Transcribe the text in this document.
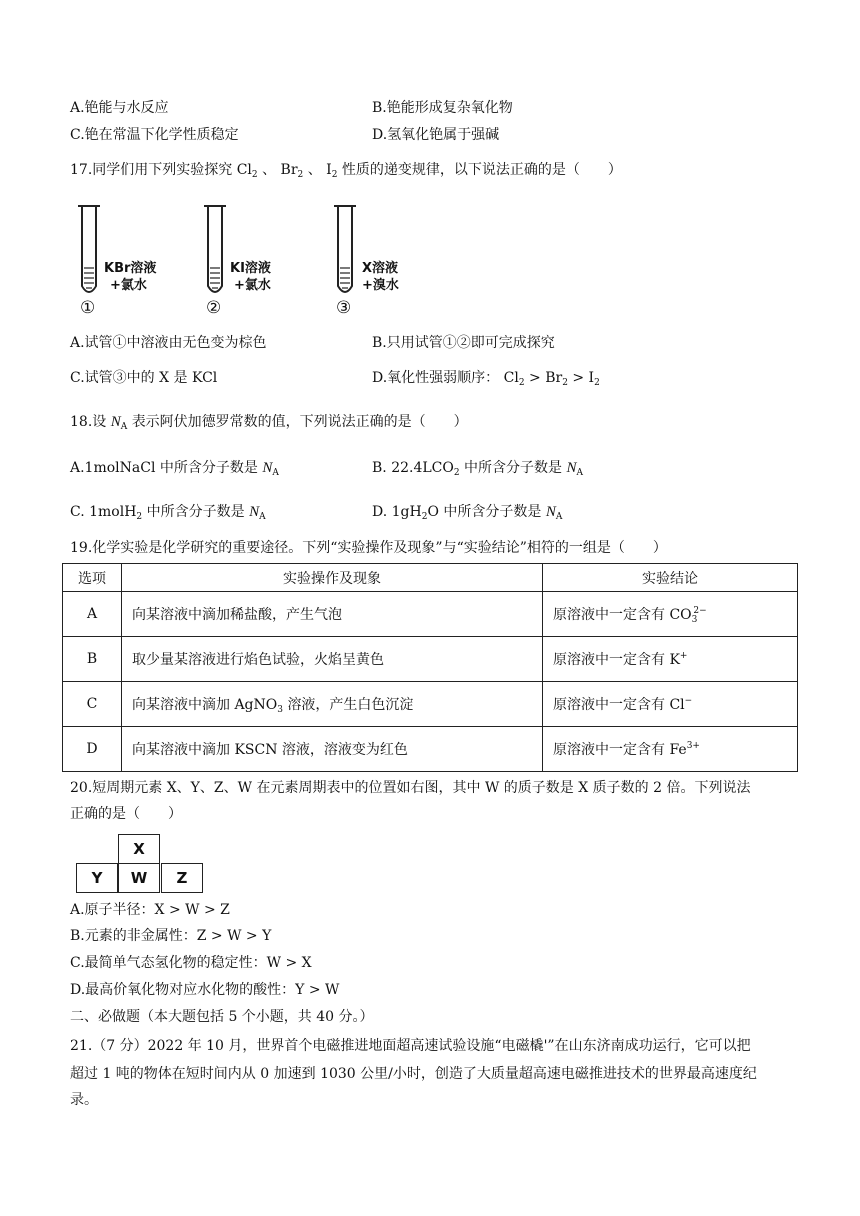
A.铯能与水反应	B.铯能形成复杂氧化物
C.铯在常温下化学性质稳定	D.氢氧化铯属于强碱
17.同学们用下列实验探究 $Cl_2$ 、 $Br_2$ 、 $I_2$ 性质的递变规律，以下说法正确的是（　　）
KBr溶液
+氯水
①
KI溶液
+氯水
②
X溶液
+溴水
③
A.试管①中溶液由无色变为棕色	B.只用试管①②即可完成探究
C.试管③中的 X 是 KCl	D.氧化性强弱顺序： $Cl_2 > Br_2 > I_2$
18.设 $N_A$ 表示阿伏加德罗常数的值，下列说法正确的是（　　）
A.1molNaCl 中所含分子数是 $N_A$	B. $22.4LCO_2$ 中所含分子数是 $N_A$
C. 1molH$_2$ 中所含分子数是 $N_A$	D. $1gH_2O$ 中所含分子数是 $N_A$
19.化学实验是化学研究的重要途径。下列“实验操作及现象”与“实验结论”相符的一组是（　　）
选项	实验操作及现象	实验结论
A	向某溶液中滴加稀盐酸，产生气泡	原溶液中一定含有 $CO_3^{2-}$
B	取少量某溶液进行焰色试验，火焰呈黄色	原溶液中一定含有 K+
C	向某溶液中滴加 AgNO$_3$ 溶液，产生白色沉淀	原溶液中一定含有 Cl−
D	向某溶液中滴加 KSCN 溶液，溶液变为红色	原溶液中一定含有 $Fe^{3+}$
20.短周期元素 X、Y、Z、W 在元素周期表中的位置如右图，其中 W 的质子数是 X 质子数的 2 倍。下列说法
正确的是（　　）
X
Y	W	Z
A.原子半径：X > W > Z
B.元素的非金属性：Z > W > Y
C.最简单气态氢化物的稳定性：W > X
D.最高价氧化物对应水化物的酸性：Y > W
二、必做题（本大题包括 5 个小题，共 40 分。）
21.（7 分）2022 年 10 月，世界首个电磁推进地面超高速试验设施“电磁橇'”在山东济南成功运行，它可以把
超过 1 吨的物体在短时间内从 0 加速到 1030 公里/小时，创造了大质量超高速电磁推进技术的世界最高速度纪
录。
